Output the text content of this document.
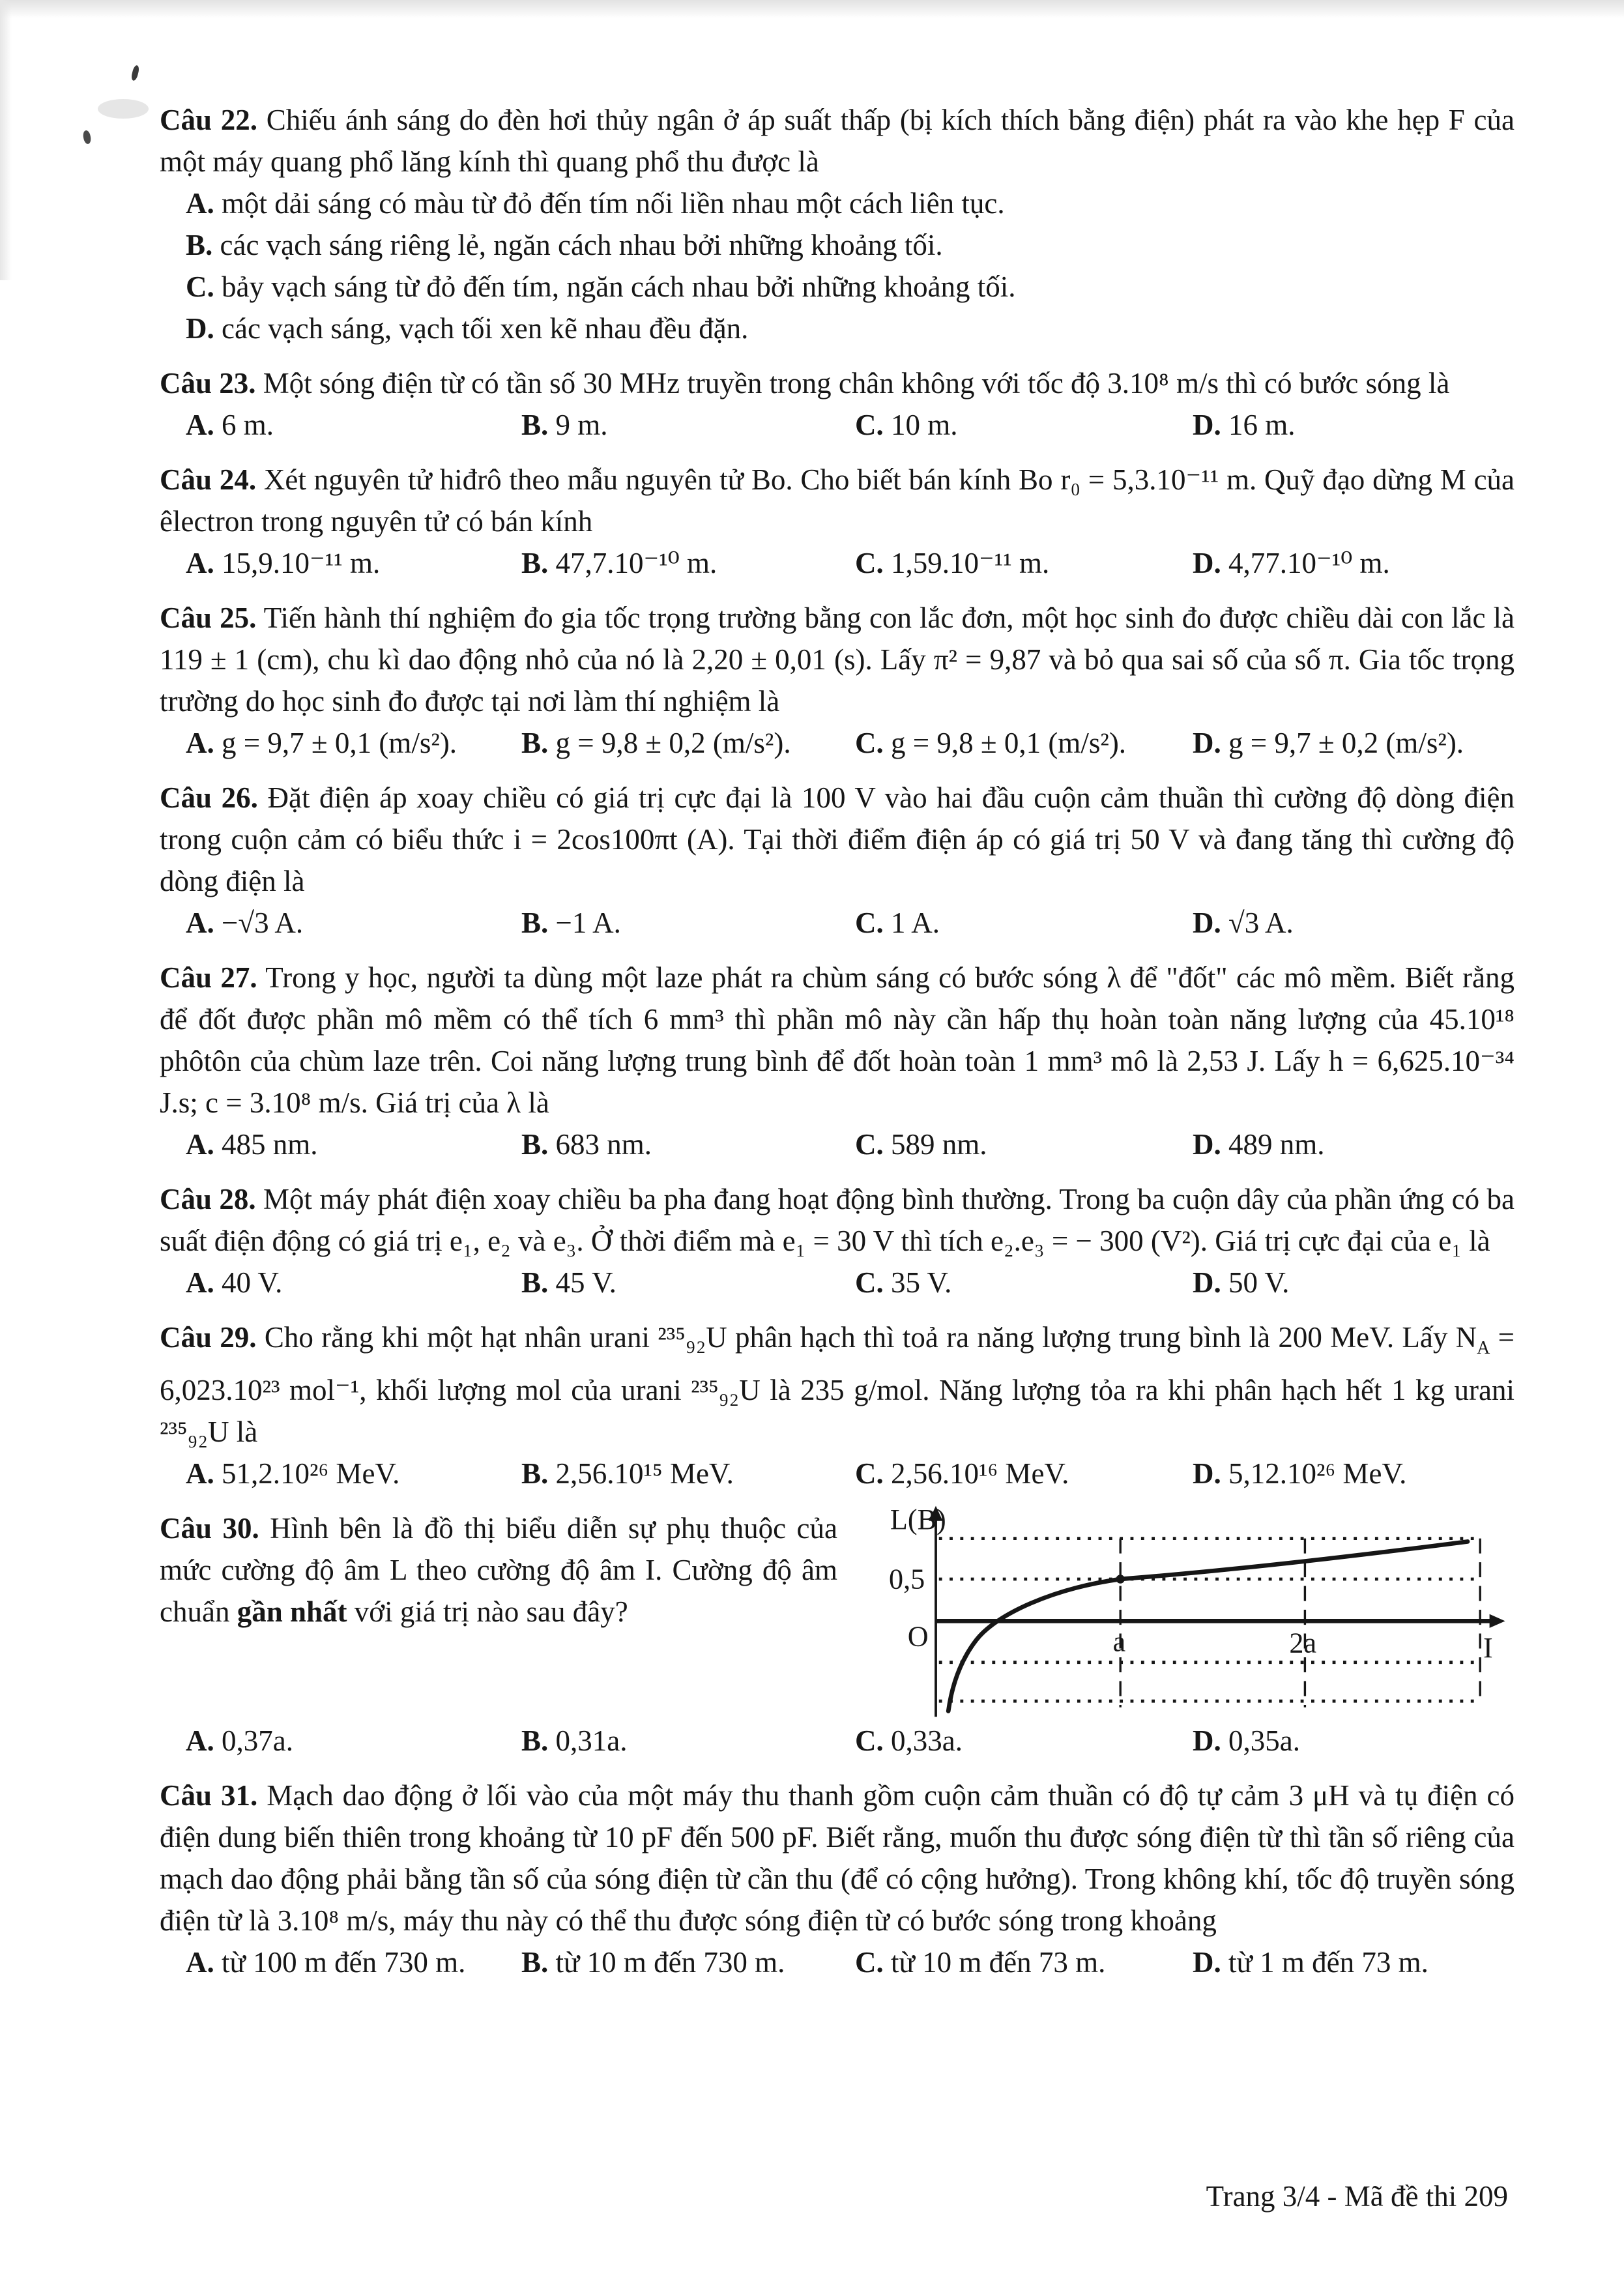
Câu 22. Chiếu ánh sáng do đèn hơi thủy ngân ở áp suất thấp (bị kích thích bằng điện) phát ra vào khe hẹp F của một máy quang phổ lăng kính thì quang phổ thu được là

A. một dải sáng có màu từ đỏ đến tím nối liền nhau một cách liên tục.

B. các vạch sáng riêng lẻ, ngăn cách nhau bởi những khoảng tối.

C. bảy vạch sáng từ đỏ đến tím, ngăn cách nhau bởi những khoảng tối.

D. các vạch sáng, vạch tối xen kẽ nhau đều đặn.

Câu 23. Một sóng điện từ có tần số 30 MHz truyền trong chân không với tốc độ 3.10⁸ m/s thì có bước sóng là

A. 6 m.	B. 9 m.	C. 10 m.	D. 16 m.

Câu 24. Xét nguyên tử hiđrô theo mẫu nguyên tử Bo. Cho biết bán kính Bo r₀ = 5,3.10⁻¹¹ m. Quỹ đạo dừng M của êlectron trong nguyên tử có bán kính

A. 15,9.10⁻¹¹ m.	B. 47,7.10⁻¹⁰ m.	C. 1,59.10⁻¹¹ m.	D. 4,77.10⁻¹⁰ m.

Câu 25. Tiến hành thí nghiệm đo gia tốc trọng trường bằng con lắc đơn, một học sinh đo được chiều dài con lắc là 119 ± 1 (cm), chu kì dao động nhỏ của nó là 2,20 ± 0,01 (s). Lấy π² = 9,87 và bỏ qua sai số của số π. Gia tốc trọng trường do học sinh đo được tại nơi làm thí nghiệm là

A. g = 9,7 ± 0,1 (m/s²).	B. g = 9,8 ± 0,2 (m/s²).	C. g = 9,8 ± 0,1 (m/s²).	D. g = 9,7 ± 0,2 (m/s²).

Câu 26. Đặt điện áp xoay chiều có giá trị cực đại là 100 V vào hai đầu cuộn cảm thuần thì cường độ dòng điện trong cuộn cảm có biểu thức i = 2cos100πt (A). Tại thời điểm điện áp có giá trị 50 V và đang tăng thì cường độ dòng điện là

A. −√3 A.	B. −1 A.	C. 1 A.	D. √3 A.

Câu 27. Trong y học, người ta dùng một laze phát ra chùm sáng có bước sóng λ để "đốt" các mô mềm. Biết rằng để đốt được phần mô mềm có thể tích 6 mm³ thì phần mô này cần hấp thụ hoàn toàn năng lượng của 45.10¹⁸ phôtôn của chùm laze trên. Coi năng lượng trung bình để đốt hoàn toàn 1 mm³ mô là 2,53 J. Lấy h = 6,625.10⁻³⁴ J.s; c = 3.10⁸ m/s. Giá trị của λ là

A. 485 nm.	B. 683 nm.	C. 589 nm.	D. 489 nm.

Câu 28. Một máy phát điện xoay chiều ba pha đang hoạt động bình thường. Trong ba cuộn dây của phần ứng có ba suất điện động có giá trị e₁, e₂ và e₃. Ở thời điểm mà e₁ = 30 V thì tích e₂.e₃ = − 300 (V²). Giá trị cực đại của e₁ là

A. 40 V.	B. 45 V.	C. 35 V.	D. 50 V.

Câu 29. Cho rằng khi một hạt nhân urani ²³⁵₉₂U phân hạch thì toả ra năng lượng trung bình là 200 MeV. Lấy $N_A = 6,023.10^{23}$ mol⁻¹, khối lượng mol của urani ²³⁵₉₂U là 235 g/mol. Năng lượng tỏa ra khi phân hạch hết 1 kg urani ²³⁵₉₂U là

A. 51,2.10²⁶ MeV.	B. 2,56.10¹⁵ MeV.	C. 2,56.10¹⁶ MeV.	D. 5,12.10²⁶ MeV.

Câu 30. Hình bên là đồ thị biểu diễn sự phụ thuộc của mức cường độ âm L theo cường độ âm I. Cường độ âm chuẩn gần nhất với giá trị nào sau đây?

L(B)
0,5
O	a	2a	I

A. 0,37a.	B. 0,31a.	C. 0,33a.	D. 0,35a.

Câu 31. Mạch dao động ở lối vào của một máy thu thanh gồm cuộn cảm thuần có độ tự cảm 3 μH và tụ điện có điện dung biến thiên trong khoảng từ 10 pF đến 500 pF. Biết rằng, muốn thu được sóng điện từ thì tần số riêng của mạch dao động phải bằng tần số của sóng điện từ cần thu (để có cộng hưởng). Trong không khí, tốc độ truyền sóng điện từ là 3.10⁸ m/s, máy thu này có thể thu được sóng điện từ có bước sóng trong khoảng

A. từ 100 m đến 730 m.	B. từ 10 m đến 730 m.	C. từ 10 m đến 73 m.	D. từ 1 m đến 73 m.

Trang 3/4 - Mã đề thi 209
